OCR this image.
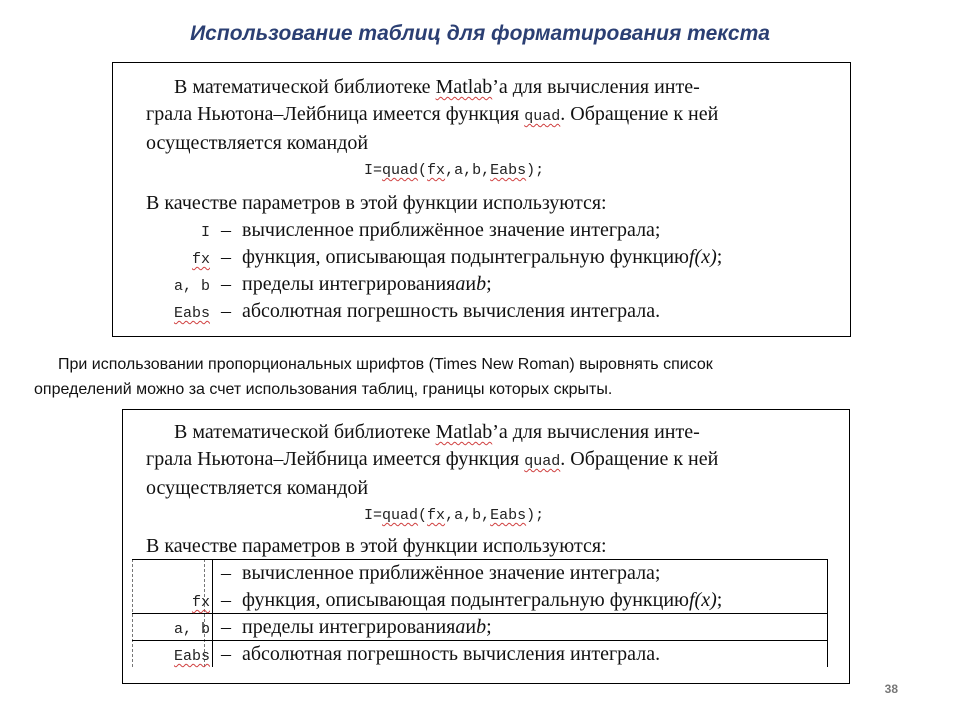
Использование таблиц для форматирования текста
В математической библиотеке Matlab’а для вычисления инте-
грала Ньютона–Лейбница имеется функция quad. Обращение к ней
осуществляется командой
I=quad(fx,a,b,Eabs);
В качестве параметров в этой функции используются:
I – вычисленное приближённое значение интеграла;
fx – функция, описывающая подынтегральную функцию f(x) ;
a, b – пределы интегрирования a и b ;
Eabs – абсолютная погрешность вычисления интеграла.
При использовании пропорциональных шрифтов (Times New Roman) выровнять список
определений можно за счет использования таблиц, границы которых скрыты.
В математической библиотеке Matlab’а для вычисления инте-
грала Ньютона–Лейбница имеется функция quad. Обращение к ней
осуществляется командой
I=quad(fx,a,b,Eabs);
В качестве параметров в этой функции используются:
– вычисленное приближённое значение интеграла;
fx – функция, описывающая подынтегральную функцию f(x) ;
a, b – пределы интегрирования a и b ;
Eabs – абсолютная погрешность вычисления интеграла.
38
